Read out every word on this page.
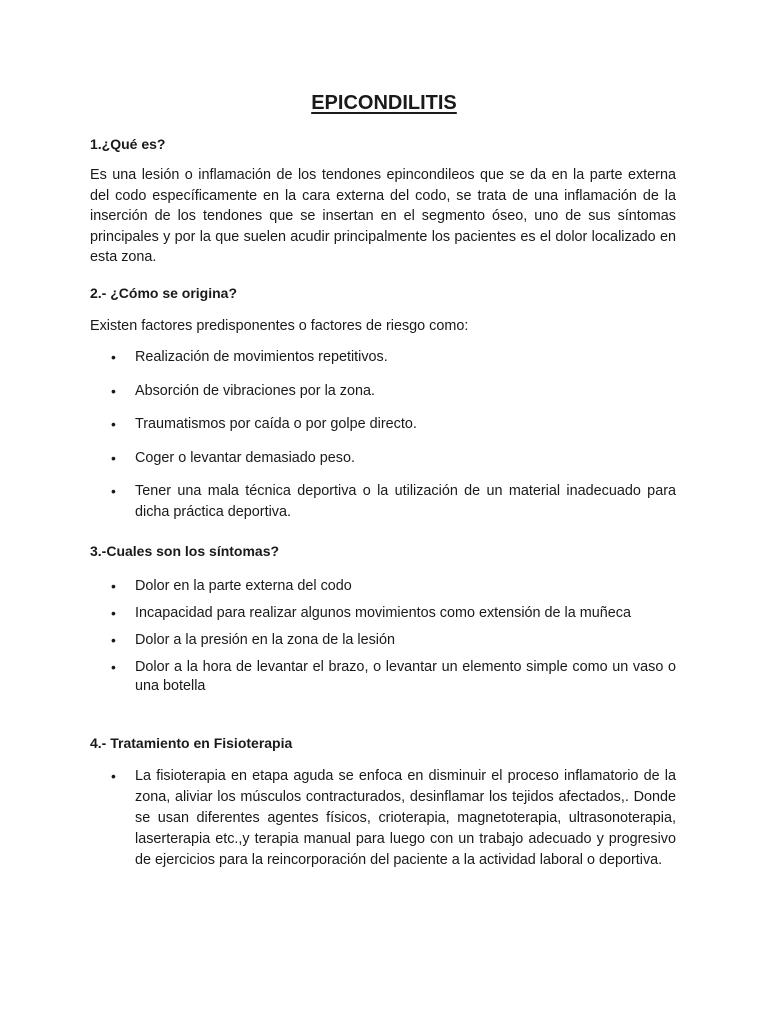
EPICONDILITIS
1.¿Qué es?

Es una lesión o inflamación de los tendones epincondileos que se da en la parte externa del codo específicamente en la cara externa del codo, se trata de una inflamación de la inserción de los tendones que se insertan en el segmento óseo, uno de sus síntomas principales y por la que suelen acudir principalmente los pacientes es el dolor localizado en esta zona.

2.- ¿Cómo se origina?
Existen factores predisponentes o factores de riesgo como:
• Realización de movimientos repetitivos.
• Absorción de vibraciones por la zona.
• Traumatismos por caída o por golpe directo.
• Coger o levantar demasiado peso.
• Tener una mala técnica deportiva o la utilización de un material inadecuado para dicha práctica deportiva.
3.-Cuales son los síntomas?
• Dolor en la parte externa del codo
• Incapacidad para realizar algunos movimientos como extensión de la muñeca
• Dolor a la presión en la zona de la lesión
• Dolor a la hora de levantar el brazo, o levantar un elemento simple como un vaso o una botella
4.- Tratamiento en Fisioterapia
• La fisioterapia en etapa aguda se enfoca en disminuir el proceso inflamatorio de la zona, aliviar los músculos contracturados, desinflamar los tejidos afectados,. Donde se usan diferentes agentes físicos, crioterapia, magnetoterapia, ultrasonoterapia, laserterapia etc.,y terapia manual para luego con un trabajo adecuado y progresivo de ejercicios para la reincorporación del paciente a la actividad laboral o deportiva.
